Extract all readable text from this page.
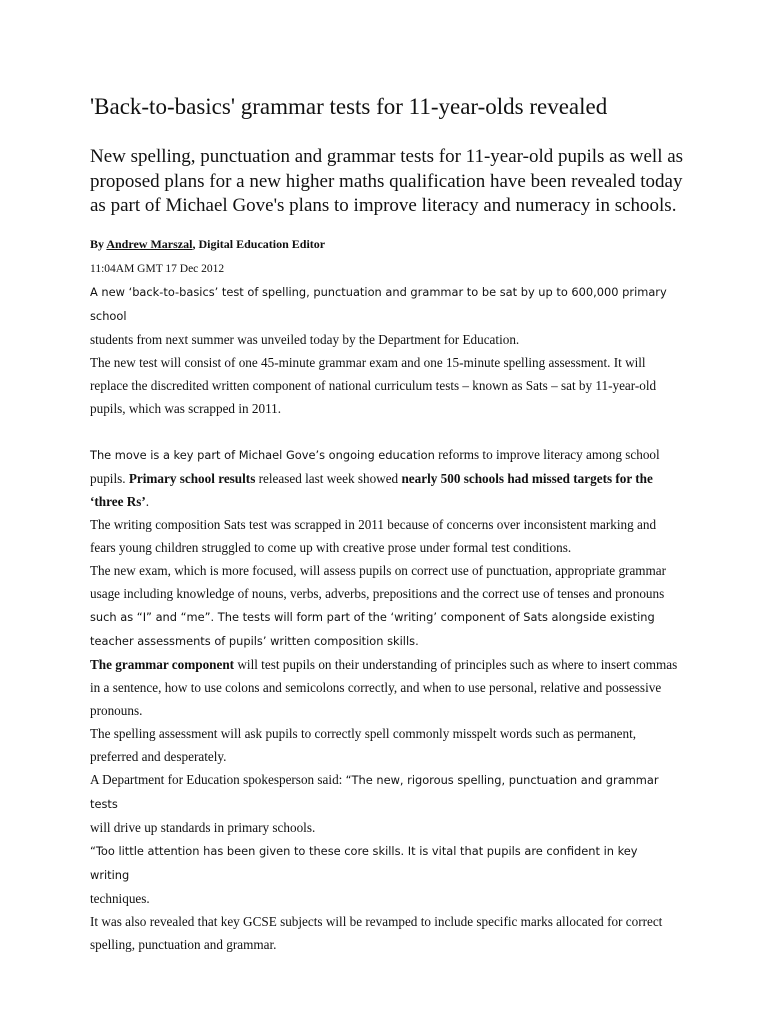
'Back-to-basics' grammar tests for 11-year-olds revealed

New spelling, punctuation and grammar tests for 11-year-old pupils as well as proposed plans for a new higher maths qualification have been revealed today as part of Michael Gove's plans to improve literacy and numeracy in schools.

By Andrew Marszal, Digital Education Editor

11:04AM GMT 17 Dec 2012

A new ‘back-to-basics’ test of spelling, punctuation and grammar to be sat by up to 600,000 primary school
students from next summer was unveiled today by the Department for Education.

The new test will consist of one 45-minute grammar exam and one 15-minute spelling assessment. It will replace the discredited written component of national curriculum tests – known as Sats – sat by 11-year-old pupils, which was scrapped in 2011.

The move is a key part of Michael Gove’s ongoing education reforms to improve literacy among school pupils. Primary school results released last week showed nearly 500 schools had missed targets for the ‘three Rs’.

The writing composition Sats test was scrapped in 2011 because of concerns over inconsistent marking and fears young children struggled to come up with creative prose under formal test conditions.

The new exam, which is more focused, will assess pupils on correct use of punctuation, appropriate grammar usage including knowledge of nouns, verbs, adverbs, prepositions and the correct use of tenses and pronouns
such as “I” and “me”. The tests will form part of the ‘writing’ component of Sats alongside existing teacher assessments of pupils’ written composition skills.

The grammar component will test pupils on their understanding of principles such as where to insert commas in a sentence, how to use colons and semicolons correctly, and when to use personal, relative and possessive pronouns.

The spelling assessment will ask pupils to correctly spell commonly misspelt words such as permanent, preferred and desperately.

A Department for Education spokesperson said: “The new, rigorous spelling, punctuation and grammar tests
will drive up standards in primary schools.

“Too little attention has been given to these core skills. It is vital that pupils are confident in key writing
techniques.

It was also revealed that key GCSE subjects will be revamped to include specific marks allocated for correct spelling, punctuation and grammar.
